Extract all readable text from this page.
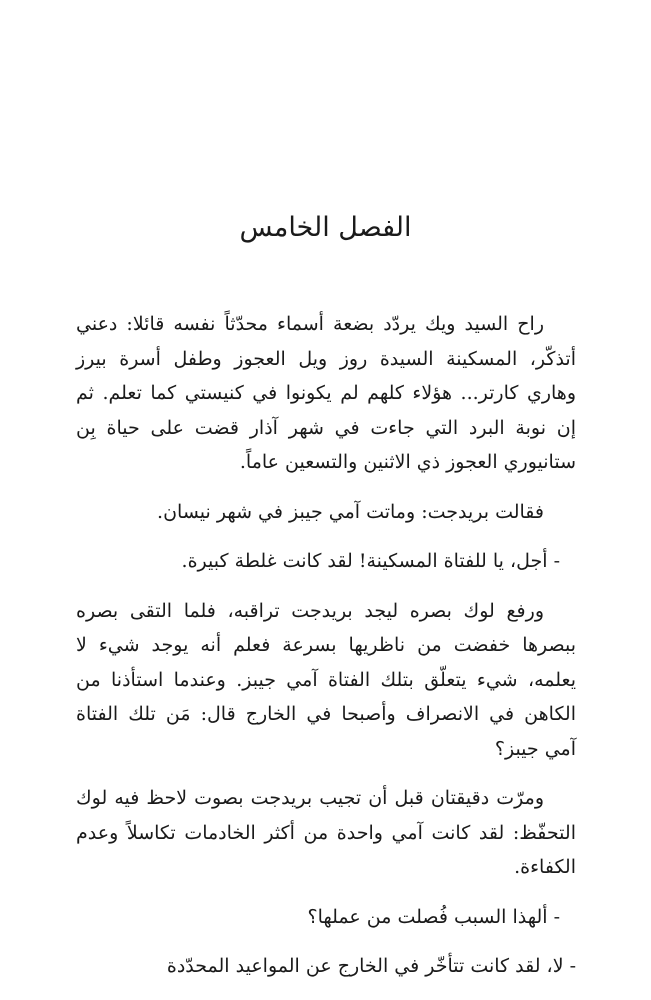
الفصل الخامس

راح السيد ويك يردّد بضعة أسماء محدّثاً نفسه قائلا: دعني أتذكّر، المسكينة السيدة روز ويل العجوز وطفل أسرة بيرز وهاري كارتر... هؤلاء كلهم لم يكونوا في كنيستي كما تعلم. ثم إن نوبة البرد التي جاءت في شهر آذار قضت على حياة بِن ستانيوري العجوز ذي الاثنين والتسعين عاماً.

فقالت بريدجت: وماتت آمي جيبز في شهر نيسان.

- أجل، يا للفتاة المسكينة! لقد كانت غلطة كبيرة.

ورفع لوك بصره ليجد بريدجت تراقبه، فلما التقى بصره ببصرها خفضت من ناظريها بسرعة فعلم أنه يوجد شيء لا يعلمه، شيء يتعلّق بتلك الفتاة آمي جيبز. وعندما استأذنا من الكاهن في الانصراف وأصبحا في الخارج قال: مَن تلك الفتاة آمي جيبز؟

ومرّت دقيقتان قبل أن تجيب بريدجت بصوت لاحظ فيه لوك التحفّظ: لقد كانت آمي واحدة من أكثر الخادمات تكاسلاً وعدم الكفاءة.

- ألهذا السبب فُصلت من عملها؟

- لا، لقد كانت تتأخّر في الخارج عن المواعيد المحدّدة
